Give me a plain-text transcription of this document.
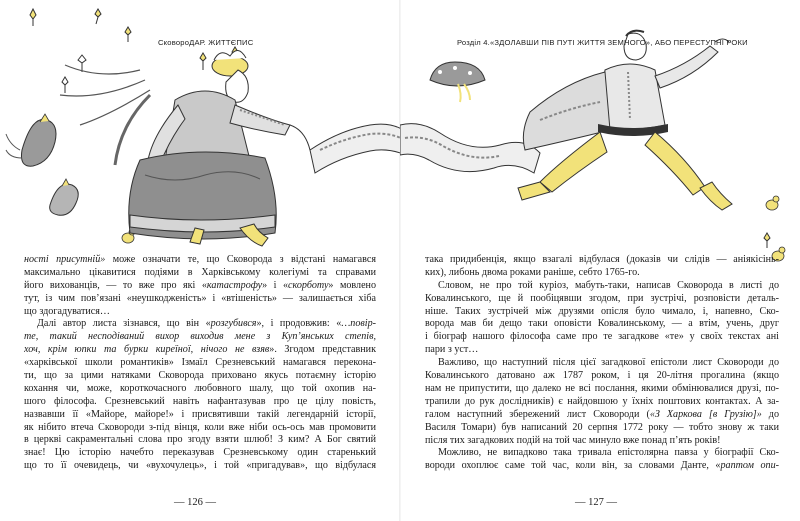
СковороДАР. ЖИТТЄПИС	Розділ 4.«ЗДОЛАВШИ ПІВ ПУТІ ЖИТТЯ ЗЕМНОГО», АБО ПЕРЕСТУПНІ РОКИ
ності присутній» може означати те, що Сковорода з відстані намагався
максимально цікавитися подіями в Харківському колегіумі та справами
його вихованців, — то вже про які «катастрофу» і «скорботу» мовлено
тут, із чим пов’язані «неушкодженість» і «втішеність» — залишається хіба
що здогадуватися…
Далі автор листа зізнався, що він «розгубився», і продовжив: «…повір-
те, такий несподіваний вихор виходив мене з Куп’янських степів,
хоч, крім юпки та бурки киреїної, нічого не взяв». Згодом представник
«харківської школи романтиків» Ізмаїл Срезневський намагався перекона-
ти, що за цими натяками Сковорода приховано якусь потаємну історію
кохання чи, може, короткочасного любовного шалу, що той охопив на-
шого філософа. Срезневський навіть нафантазував про це цілу повість,
назвавши її «Майоре, майоре!» і присвятивши такій легендарній історії,
як нібито втеча Сковороди з-під вінця, коли вже ніби ось-ось мав промовити
в церкві сакраментальні слова про згоду взяти шлюб! З ким? А Бог святий
знає! Цю історію начебто переказував Срезневському один старенький
що то її очевидець, чи «вухочулець», і той «пригадував», що відбулася
така придибенція, якщо взагалі відбулася (доказів чи слідів — аніякісінь-
ких), либонь двома роками раніше, себто 1765-го.
Словом, не про той куріоз, мабуть-таки, написав Сковорода в листі до
Ковалинського, ще й пообіцявши згодом, при зустрічі, розповісти деталь-
ніше. Таких зустрічей між друзями опісля було чимало, і, напевно, Ско-
ворода мав би дещо таки оповісти Ковалинському, — а втім, учень, друг
і біограф нашого філософа саме про те загадкове «те» у своїх текстах ані
пари з уст…
Важливо, що наступний після цієї загадкової епістоли лист Сковороди до
Ковалинського датовано аж 1787 роком, і ця 20-літня прогалина (якщо
нам не припустити, що далеко не всі послання, якими обмінювалися друзі, по-
трапили до рук дослідників) є найдовшою у їхніх поштових контактах. А за-
галом наступний збережений лист Сковороди («З Харкова [в Грузію]» до
Василя Томари) був написаний 20 серпня 1772 року — тобто знову ж таки
після тих загадкових подій на той час минуло вже понад п’ять років!
Можливо, не випадково така тривала епістолярна павза у біографії Ско-
вороди охоплює саме той час, коли він, за словами Данте, «раптом опи-
— 126 —	— 127 —
